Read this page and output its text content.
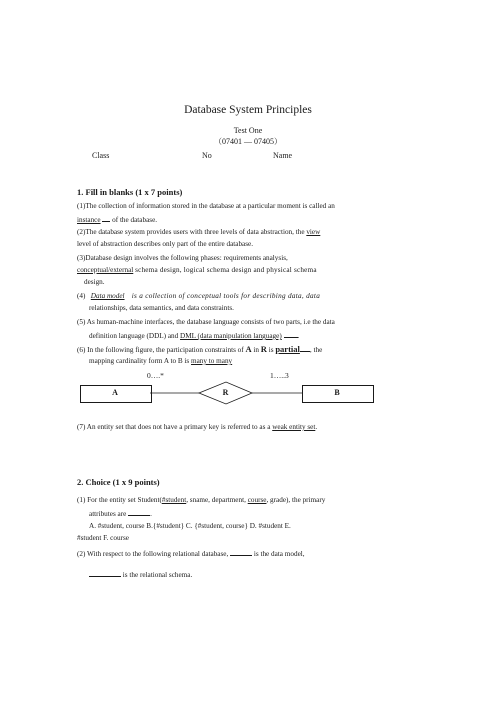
Database System Principles
Test One
（07401 — 07405）
Class	No	Name
1. Fill in blanks (1 x 7 points)
(1)The collection of information stored in the database at a particular moment is called an
instance  of the database.
(2)The database system provides users with three levels of data abstraction, the view
level of abstraction describes only part of the entire database.
(3)Database design involves the following phases: requirements analysis,
conceptual/external schema design, logical schema design and physical schema
design.
(4) Data model is a collection of conceptual tools for describing data, data
relationships, data semantics, and data constraints.
(5) As human-machine interfaces, the database language consists of two parts, i.e the data
definition language (DDL) and DML (data manipulation language) .
(6) In the following figure, the participation constraints of A in R is partial , the
mapping cardinality form A to B is many to many
0….*	1…..3
A	R	B
(7) An entity set that does not have a primary key is referred to as a weak entity set.
2. Choice (1 x 9 points)
(1) For the entity set Student(#student, sname, department, course, grade), the primary
attributes are	.
A. #student, course B.{#student} C. {#student, course} D. #student E.
#student F. course
(2) With respect to the following relational database,	is the data model,
is the relational schema.
